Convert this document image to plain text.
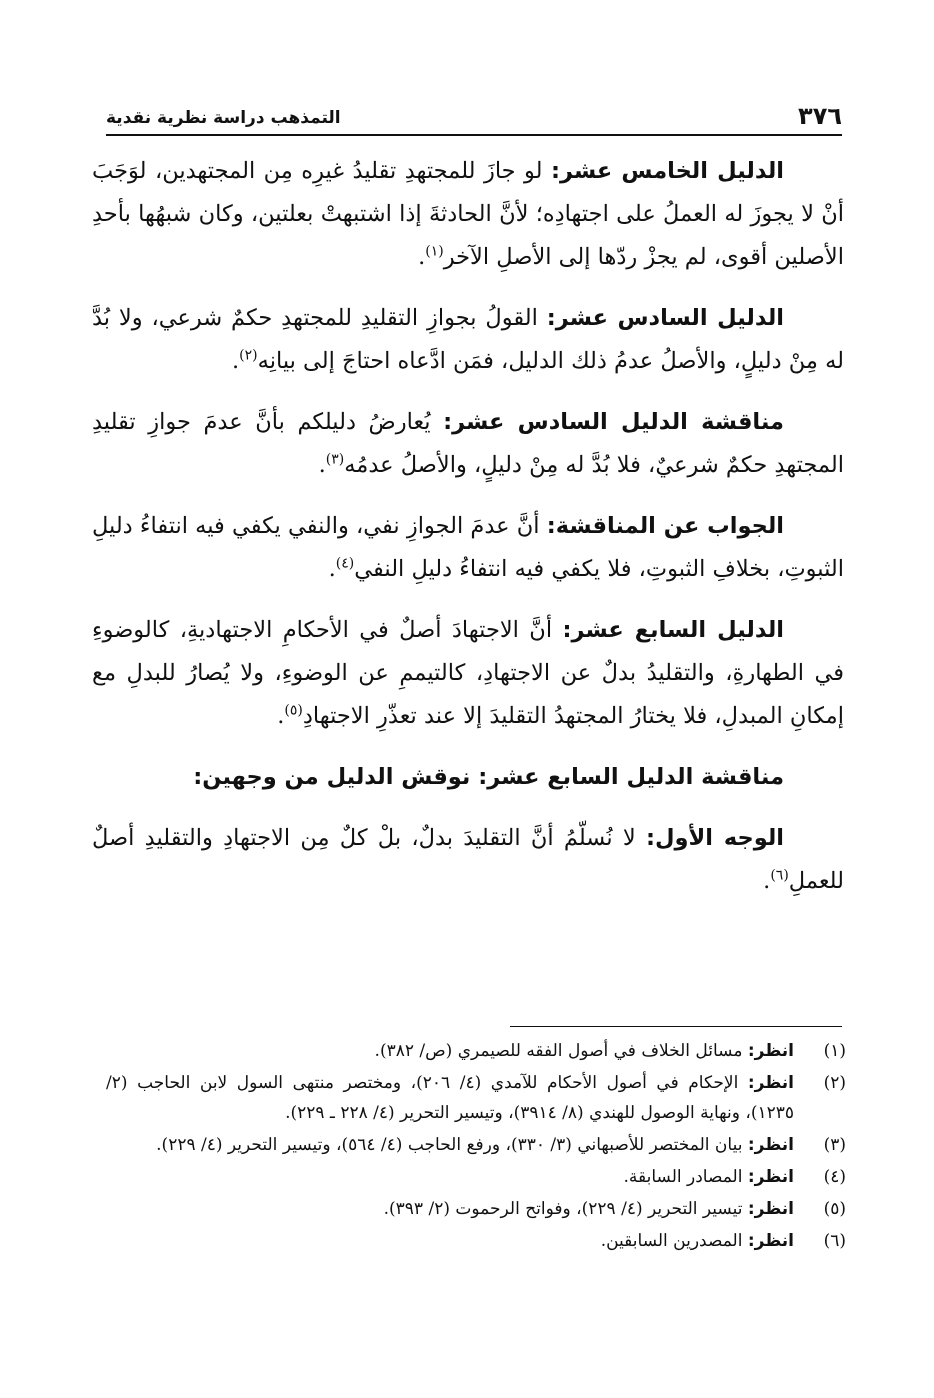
٣٧٦
التمذهب دراسة نظرية نقدية

الدليل الخامس عشر: لو جازَ للمجتهدِ تقليدُ غيرِه مِن المجتهدين، لوَجَبَ أنْ لا يجوزَ له العملُ على اجتهادِه؛ لأنَّ الحادثةَ إذا اشتبهتْ بعلتين، وكان شبهُها بأحدِ الأصلين أقوى، لم يجزْ ردّها إلى الأصلِ الآخر$^{(١)}$.

الدليل السادس عشر: القولُ بجوازِ التقليدِ للمجتهدِ حكمٌ شرعي، ولا بُدَّ له مِنْ دليلٍ، والأصلُ عدمُ ذلك الدليل، فمَن ادَّعاه احتاجَ إلى بيانِه$^{(٢)}$.

مناقشة الدليل السادس عشر: يُعارضُ دليلكم بأنَّ عدمَ جوازِ تقليدِ المجتهدِ حكمٌ شرعيٌ، فلا بُدَّ له مِنْ دليلٍ، والأصلُ عدمُه$^{(٣)}$.

الجواب عن المناقشة: أنَّ عدمَ الجوازِ نفي، والنفي يكفي فيه انتفاءُ دليلِ الثبوتِ، بخلافِ الثبوتِ، فلا يكفي فيه انتفاءُ دليلِ النفي$^{(٤)}$.

الدليل السابع عشر: أنَّ الاجتهادَ أصلٌ في الأحكامِ الاجتهاديةِ، كالوضوءِ في الطهارةِ، والتقليدُ بدلٌ عن الاجتهادِ، كالتيممِ عن الوضوءِ، ولا يُصارُ للبدلِ مع إمكانِ المبدلِ، فلا يختارُ المجتهدُ التقليدَ إلا عند تعذّرِ الاجتهادِ$^{(٥)}$.

مناقشة الدليل السابع عشر: نوقش الدليل من وجهين:

الوجه الأول: لا نُسلّمُ أنَّ التقليدَ بدلٌ، بلْ كلٌ مِن الاجتهادِ والتقليدِ أصلٌ للعملِ$^{(٦)}$.

(١)
انظر: مسائل الخلاف في أصول الفقه للصيمري (ص/ ٣٨٢).
(٢)
انظر: الإحكام في أصول الأحكام للآمدي (٤/ ٢٠٦)، ومختصر منتهى السول لابن الحاجب (٢/ ١٢٣٥)، ونهاية الوصول للهندي (٨/ ٣٩١٤)، وتيسير التحرير (٤/ ٢٢٨ ـ ٢٢٩).
(٣)
انظر: بيان المختصر للأصبهاني (٣/ ٣٣٠)، ورفع الحاجب (٤/ ٥٦٤)، وتيسير التحرير (٤/ ٢٢٩).
(٤)
انظر: المصادر السابقة.
(٥)
انظر: تيسير التحرير (٤/ ٢٢٩)، وفواتح الرحموت (٢/ ٣٩٣).
(٦)
انظر: المصدرين السابقين.
